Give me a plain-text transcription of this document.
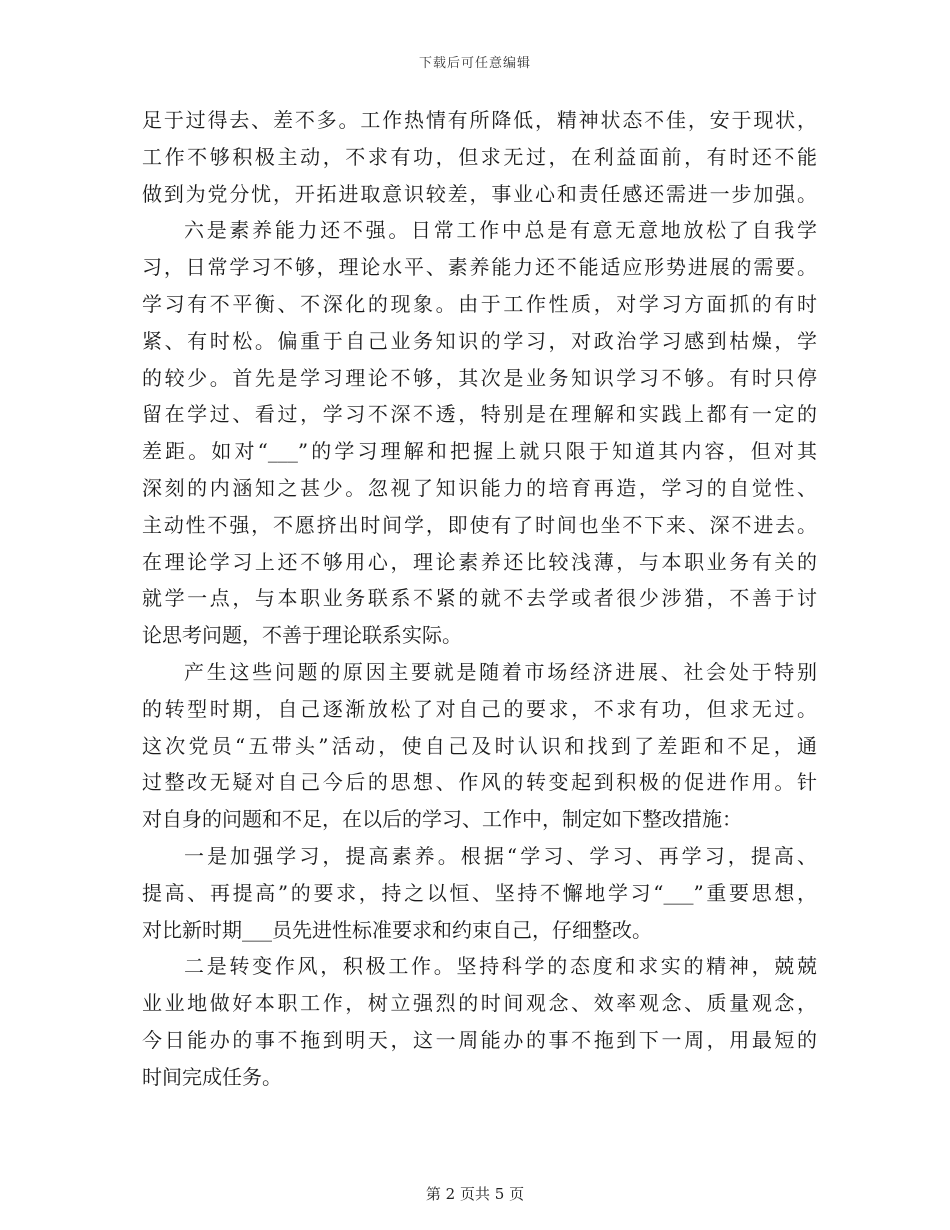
下载后可任意编辑
足于过得去、差不多。工作热情有所降低，精神状态不佳，安于现状，
工作不够积极主动，不求有功，但求无过，在利益面前，有时还不能
做到为党分忧，开拓进取意识较差，事业心和责任感还需进一步加强。
六是素养能力还不强。日常工作中总是有意无意地放松了自我学
习，日常学习不够，理论水平、素养能力还不能适应形势进展的需要。
学习有不平衡、不深化的现象。由于工作性质，对学习方面抓的有时
紧、有时松。偏重于自己业务知识的学习，对政治学习感到枯燥，学
的较少。首先是学习理论不够，其次是业务知识学习不够。有时只停
留在学过、看过，学习不深不透，特别是在理解和实践上都有一定的
差距。如对“___”的学习理解和把握上就只限于知道其内容，但对其
深刻的内涵知之甚少。忽视了知识能力的培育再造，学习的自觉性、
主动性不强，不愿挤出时间学，即使有了时间也坐不下来、深不进去。
在理论学习上还不够用心，理论素养还比较浅薄，与本职业务有关的
就学一点，与本职业务联系不紧的就不去学或者很少涉猎，不善于讨
论思考问题，不善于理论联系实际。
产生这些问题的原因主要就是随着市场经济进展、社会处于特别
的转型时期，自己逐渐放松了对自己的要求，不求有功，但求无过。
这次党员“五带头”活动，使自己及时认识和找到了差距和不足，通
过整改无疑对自己今后的思想、作风的转变起到积极的促进作用。针
对自身的问题和不足，在以后的学习、工作中，制定如下整改措施：
一是加强学习，提高素养。根据“学习、学习、再学习，提高、
提高、再提高”的要求，持之以恒、坚持不懈地学习“___”重要思想，
对比新时期___员先进性标准要求和约束自己，仔细整改。
二是转变作风，积极工作。坚持科学的态度和求实的精神，兢兢
业业地做好本职工作，树立强烈的时间观念、效率观念、质量观念，
今日能办的事不拖到明天，这一周能办的事不拖到下一周，用最短的
时间完成任务。
第 2 页共 5 页
